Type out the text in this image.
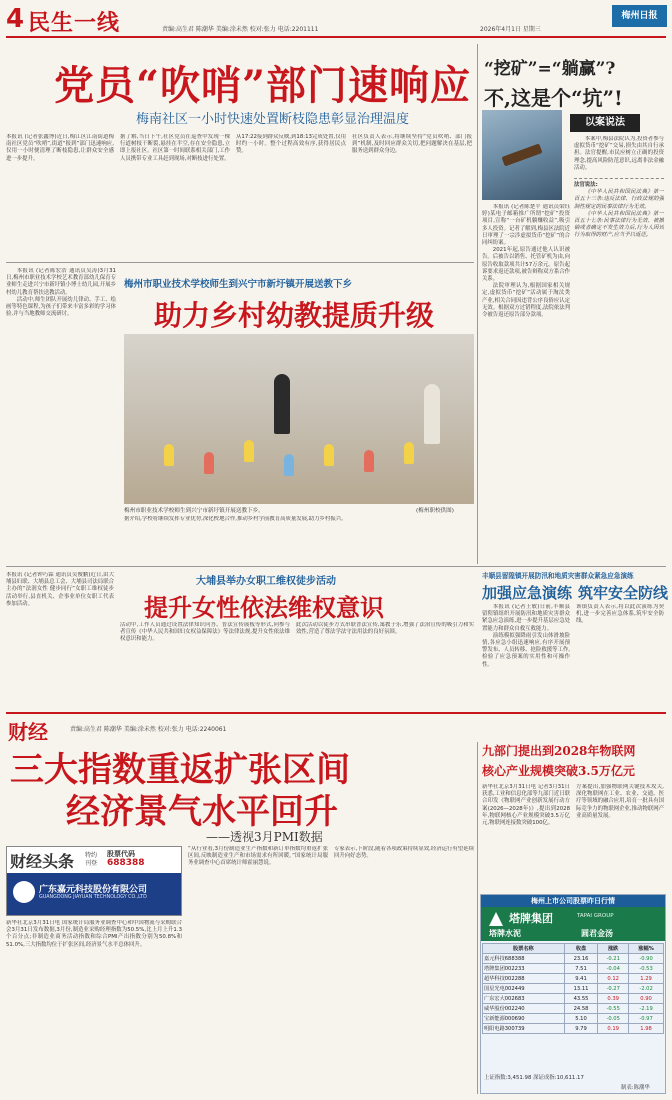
4 民生一线	责编:高生君 陈潮华 美编:涂未然 校对:张力 电话:2201111	2026年4月1日 星期三
梅州日报
党员“吹哨”部门速响应
梅南社区一小时快速处置断枝隐患彰显治理温度
本报讯 (记者张鑫博)近日,梅江区江南街道梅南社区党员“吹哨”,街道“报到”部门迅速响应,仅用一小时便清理了断枝隐患,让群众安全感进一步提升。
据了解,当日下午,社区党员在巡查中发现一棵行道树枝干断裂,悬挂在半空,存在安全隐患,立即上报社区。社区第一时间联系相关部门,工作人员携带专业工具赶到现场,对断枝进行处置。
从17:22接到群众反映,到18:13完成处置,仅用时约一小时。整个过程高效有序,获得居民点赞。
社区负责人表示,将继续坚持“党员吹哨、部门报到”机制,及时回应群众关切,把问题解决在基层,把服务送到群众身边。
“挖矿”=“躺赢”?
不,这是个“坑”!
以案说法

本报讯 (记者陈楚平 通讯员梁钰婷)某电子邮箱推广所谓“挖矿”投资项目,宣称“一台矿机躺赚收益”,吸引多人投资。记者了解到,梅县区法院近日审理了一宗涉虚拟货币“挖矿”的合同纠纷案。

2021年起,原告通过他人认识被告。后被告以销售、托管矿机为由,向原告收取款项共计57万余元。原告起诉要求返还款项,被告辩称双方系合作关系。

法院审理认为,根据国家相关规定,虚拟货币“挖矿”活动属于淘汰类产业,相关合同因违背公序良俗应认定无效。根据双方过错程度,法院依法判令被告返还原告部分款项。

本案中,梅县法院认为,投资者参与虚拟货币“挖矿”交易,损失由其自行承担。法官提醒,市民应树立正确的投资理念,提高风险防范意识,远离非法金融活动。

法官说法:

《中华人民共和国民法典》第一百五十三条:违反法律、行政法规的强制性规定的民事法律行为无效。

《中华人民共和国民法典》第一百五十七条:民事法律行为无效、被撤销或者确定不发生效力后,行为人因该行为取得的财产,应当予以返还。

本报讯 (记者陈宏浩 通讯员吴涛)3月31日,梅州市职业技术学校艺术教育部幼儿保育专业师生走进兴宁市新圩镇小博士幼儿园,开展乡村幼儿教育帮扶送教活动。

活动中,师生团队开展幼儿律动、手工、绘画等特色课程,为孩子们带来丰富多彩的学习体验,并与当地教师交流研讨。

梅州市职业技术学校师生到兴宁市新圩镇开展送教下乡
助力乡村幼教提质升级
梅州市职业技术学校师生到兴宁市新圩镇开展送教下乡。	(梅州职校供图)
据介绍,学校将继续发挥专业优势,深化校地合作,推动乡村学前教育高质量发展,助力乡村振兴。
本报讯 (记者钟巧霖 通讯员吴俊鹏)近日,由大埔县妇联、大埔县总工会、大埔县司法局联合主办的“法润女性 健步同行”女职工维权徒步活动举行,县直机关、企事业单位女职工代表参加活动。
大埔县举办女职工维权徒步活动
提升女性依法维权意识
活动中,工作人员通过设置法律知识问答、普法宣传展板等形式,向参与者宣传《中华人民共和国妇女权益保障法》等法律法规,提升女性依法维权意识和能力。
此次活动以徒步方式串联普法宣传,寓教于乐,增强了法治宣传的吸引力和实效性,营造了尊法学法守法用法的良好氛围。
丰顺县留隍镇开展防汛和地质灾害群众紧急应急演练
加强应急演练 筑牢安全防线

本报讯 (记者王敏)日前,丰顺县留隍镇组织开展防汛和地质灾害群众紧急应急演练,进一步提升基层应急处置能力和群众自救互救能力。

演练模拟强降雨引发山体滑坡险情,各应急小组迅速响应,有序开展预警发布、人员转移、抢险救援等工作,检验了应急预案的实用性和可操作性。

该镇负责人表示,将以此次演练为契机,进一步完善应急体系,筑牢安全防线。
财经	责编:高生君 陈潮华 美编:涂未然 校对:张力 电话:2240061
三大指数重返扩张区间
经济景气水平回升
——透视3月PMI数据
财经头条 特约
刊登
股票代码
688388
广东嘉元科技股份有限公司
GUANGDONG JIAYUAN TECHNOLOGY CO.,LTD
新华社北京3月31日电 国家统计局服务业调查中心和中国物流与采购联合会3月31日发布数据,3月份,制造业采购经理指数为50.5%,比上月上升1.3个百分点;非制造业商务活动指数和综合PMI产出指数分别为50.8%和51.0%,三大指数均位于扩张区间,经济景气水平总体回升。
“从行业看,3月份制造业生产指数和新订单指数均重返扩张区间,反映制造业生产和市场需求有所回暖。”国家统计局服务业调查中心首席统计师霍丽慧说。
专家表示,下阶段,随着各项政策持续显效,经济运行有望延续回升向好态势。
九部门提出到2028年物联网
核心产业规模突破3.5万亿元
新华社北京3月31日电 记者3月31日获悉,工业和信息化部等九部门近日联合印发《物联网产业创新发展行动方案(2026—2028年)》,提出到2028年,物联网核心产业规模突破3.5万亿元,物联网连接数突破100亿。
方案提出,加强物联网关键技术攻关,深化物联网在工业、农业、交通、医疗等领域的融合应用,培育一批具有国际竞争力的物联网企业,推动物联网产业高质量发展。
梅州上市公司股票昨日行情
塔牌集团	TAPAI GROUP
塔牌水泥	圆君金汤
股票名称	收盘	涨跌	涨幅%
嘉元科技688388	23.16	-0.21	-0.90
塔牌集团002233	7.51	-0.04	-0.53
超华科技002288	9.41	0.12	1.29
国星光电002449	13.11	-0.27	-2.02
广东宏大002683	43.55	0.39	0.90
威华股份002240	24.58	-0.55	-2.19
宝新能源000690	5.10	-0.05	-0.97
明阳电路300739	9.79	0.19	1.98
上证指数:3,451.98 深证成指:10,611.17
制表:陈潮华
